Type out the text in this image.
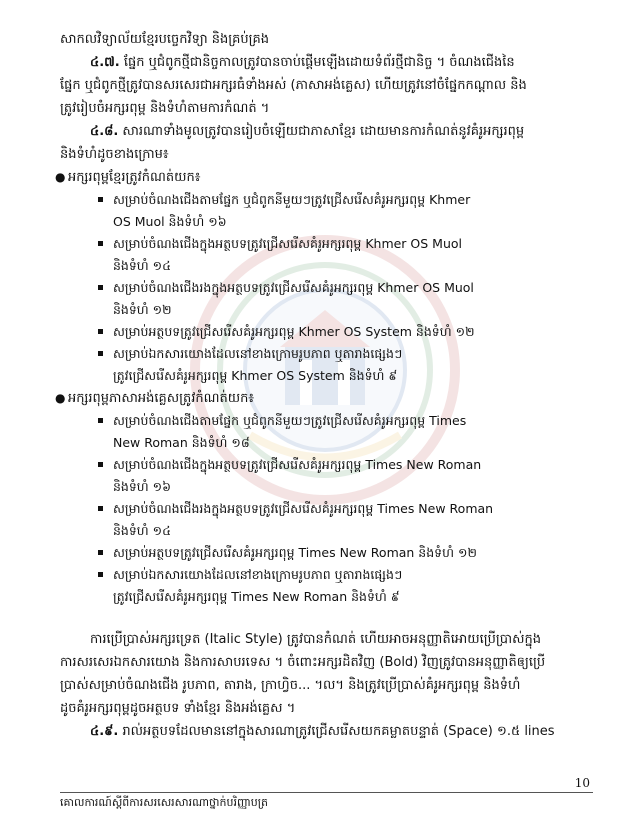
សាកលវិទ្យាល័យខ្មែរបច្ចេកវិទ្យា និងគ្រប់គ្រង
៤.៧. ផ្នែក ឬជំពូកថ្មីជានិច្ចកាលត្រូវបានចាប់ផ្តើមឡើងដោយទំព័រថ្មីជានិច្ច ។ ចំណងជើងនៃ
ផ្នែក ឬជំពូកថ្មីត្រូវបានសរសេរជាអក្សរធំទាំងអស់ (ភាសាអង់គ្លេស) ហើយត្រូវនៅចំផ្នែកកណ្តាល និង
ត្រូវរៀបចំអក្សរពុម្ព និងទំហំតាមការកំណត់ ។
៤.៨. សារណាទាំងមូលត្រូវបានរៀបចំឡើយជាភាសាខ្មែរ ដោយមានការកំណត់នូវគំរូអក្សរពុម្ព
និងទំហំដូចខាងក្រោម៖
● អក្សរពុម្ពខ្មែរត្រូវកំណត់យក៖
សម្រាប់ចំណងជើងតាមផ្នែក ឬជំពូកនីមួយៗត្រូវជ្រើសរើសគំរូអក្សរពុម្ព Khmer
OS Muol និងទំហំ ១៦
សម្រាប់ចំណងជើងក្នុងអត្ថបទត្រូវជ្រើសរើសគំរូអក្សរពុម្ព Khmer OS Muol
និងទំហំ ១៤
សម្រាប់ចំណងជើងរងក្នុងអត្ថបទត្រូវជ្រើសរើសគំរូអក្សរពុម្ព Khmer OS Muol
និងទំហំ ១២
សម្រាប់អត្ថបទត្រូវជ្រើសរើសគំរូអក្សរពុម្ព Khmer OS System និងទំហំ ១២
សម្រាប់ឯកសារយោងដែលនៅខាងក្រោមរូបភាព ឬតារាងផ្សេងៗ
ត្រូវជ្រើសរើសគំរូអក្សរពុម្ព Khmer OS System និងទំហំ ៩
● អក្សរពុម្ពភាសាអង់គ្លេសត្រូវកំណត់យក៖
សម្រាប់ចំណងជើងតាមផ្នែក ឬជំពូកនីមួយៗត្រូវជ្រើសរើសគំរូអក្សរពុម្ព Times
New Roman និងទំហំ ១៨
សម្រាប់ចំណងជើងក្នុងអត្ថបទត្រូវជ្រើសរើសគំរូអក្សរពុម្ព Times New Roman
និងទំហំ ១៦
សម្រាប់ចំណងជើងរងក្នុងអត្ថបទត្រូវជ្រើសរើសគំរូអក្សរពុម្ព Times New Roman
និងទំហំ ១៤
សម្រាប់អត្ថបទត្រូវជ្រើសរើសគំរូអក្សរពុម្ព Times New Roman និងទំហំ ១២
សម្រាប់ឯកសារយោងដែលនៅខាងក្រោមរូបភាព ឬតារាងផ្សេងៗ
ត្រូវជ្រើសរើសគំរូអក្សរពុម្ព Times New Roman និងទំហំ ៩
ការប្រើប្រាស់អក្សរទ្រេត (Italic Style) ត្រូវបានកំណត់ ហើយអាចអនុញ្ញាតិអោយប្រើប្រាស់ក្នុង
ការសរសេរឯកសារយោង និងការសាបរទេស ។ ចំពោះអក្សរដិតវិញ (Bold) វិញត្រូវបានអនុញ្ញាតិឲ្យប្រើ
ប្រាស់សម្រាប់ចំណងជើង រូបភាព, តារាង, ក្រាហ្វិច... ។ល។ និងត្រូវប្រើប្រាស់គំរូអក្សរពុម្ព និងទំហំ
ដូចគំរូអក្សរពុម្ពដូចអត្ថបទ ទាំងខ្មែរ និងអង់គ្លេស ។
៤.៩. រាល់អត្ថបទដែលមាននៅក្នុងសារណាត្រូវជ្រើសរើសយកគម្លាតបន្ទាត់ (Space) ១.៥ lines
10
គោលការណ៍ស្តីពីការសរសេរសារណាថ្នាក់បរិញ្ញាបត្រ
